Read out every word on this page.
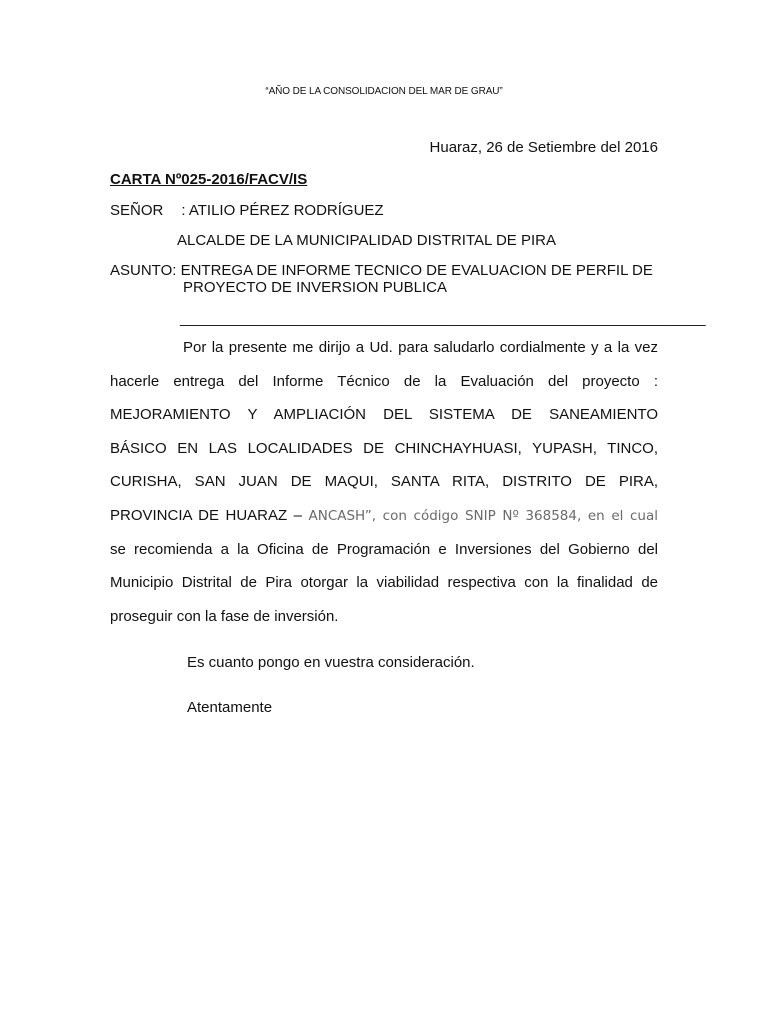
“AÑO DE LA CONSOLIDACION DEL MAR DE GRAU”
Huaraz, 26 de Setiembre del 2016
CARTA Nº025-2016/FACV/IS
SEÑOR : ATILIO PÉREZ RODRÍGUEZ
ALCALDE DE LA MUNICIPALIDAD DISTRITAL DE PIRA
ASUNTO: ENTREGA DE INFORME TECNICO DE EVALUACION DE PERFIL DE
PROYECTO DE INVERSION PUBLICA
_______________________________________________________________
Por la presente me dirijo a Ud. para saludarlo cordialmente y a la vez
hacerle entrega del Informe Técnico de la Evaluación del proyecto :
MEJORAMIENTO Y AMPLIACIÓN DEL SISTEMA DE SANEAMIENTO
BÁSICO EN LAS LOCALIDADES DE CHINCHAYHUASI, YUPASH, TINCO,
CURISHA, SAN JUAN DE MAQUI, SANTA RITA, DISTRITO DE PIRA,
PROVINCIA DE HUARAZ – ANCASH”, con código SNIP Nº 368584, en el cual
se recomienda a la Oficina de Programación e Inversiones del Gobierno del
Municipio Distrital de Pira otorgar la viabilidad respectiva con la finalidad de
proseguir con la fase de inversión.
Es cuanto pongo en vuestra consideración.
Atentamente
